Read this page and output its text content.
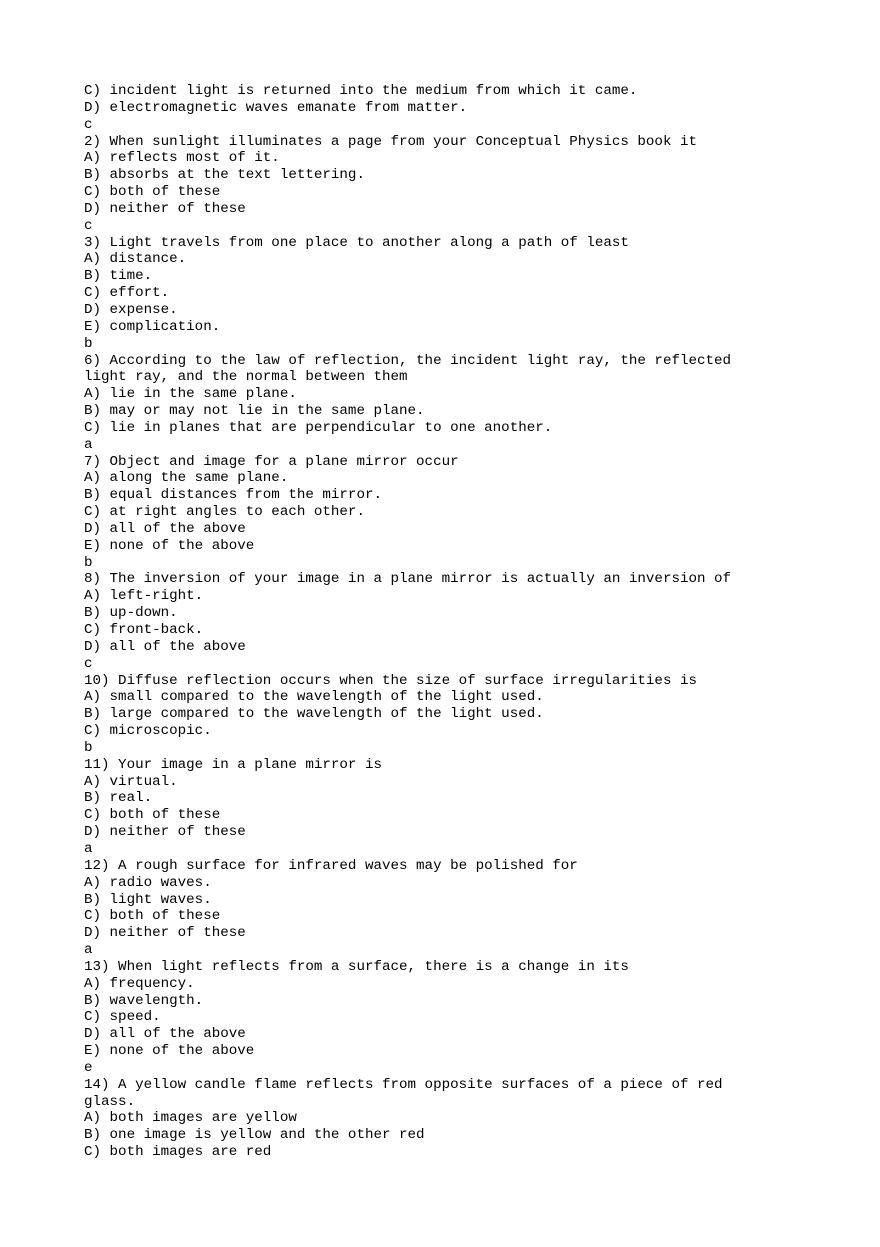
C) incident light is returned into the medium from which it came.
D) electromagnetic waves emanate from matter.
c
2) When sunlight illuminates a page from your Conceptual Physics book it
A) reflects most of it.
B) absorbs at the text lettering.
C) both of these
D) neither of these
c
3) Light travels from one place to another along a path of least
A) distance.
B) time.
C) effort.
D) expense.
E) complication.
b
6) According to the law of reflection, the incident light ray, the reflected
light ray, and the normal between them
A) lie in the same plane.
B) may or may not lie in the same plane.
C) lie in planes that are perpendicular to one another.
a
7) Object and image for a plane mirror occur
A) along the same plane.
B) equal distances from the mirror.
C) at right angles to each other.
D) all of the above
E) none of the above
b
8) The inversion of your image in a plane mirror is actually an inversion of
A) left-right.
B) up-down.
C) front-back.
D) all of the above
c
10) Diffuse reflection occurs when the size of surface irregularities is
A) small compared to the wavelength of the light used.
B) large compared to the wavelength of the light used.
C) microscopic.
b
11) Your image in a plane mirror is
A) virtual.
B) real.
C) both of these
D) neither of these
a
12) A rough surface for infrared waves may be polished for
A) radio waves.
B) light waves.
C) both of these
D) neither of these
a
13) When light reflects from a surface, there is a change in its
A) frequency.
B) wavelength.
C) speed.
D) all of the above
E) none of the above
e
14) A yellow candle flame reflects from opposite surfaces of a piece of red
glass.
A) both images are yellow
B) one image is yellow and the other red
C) both images are red
